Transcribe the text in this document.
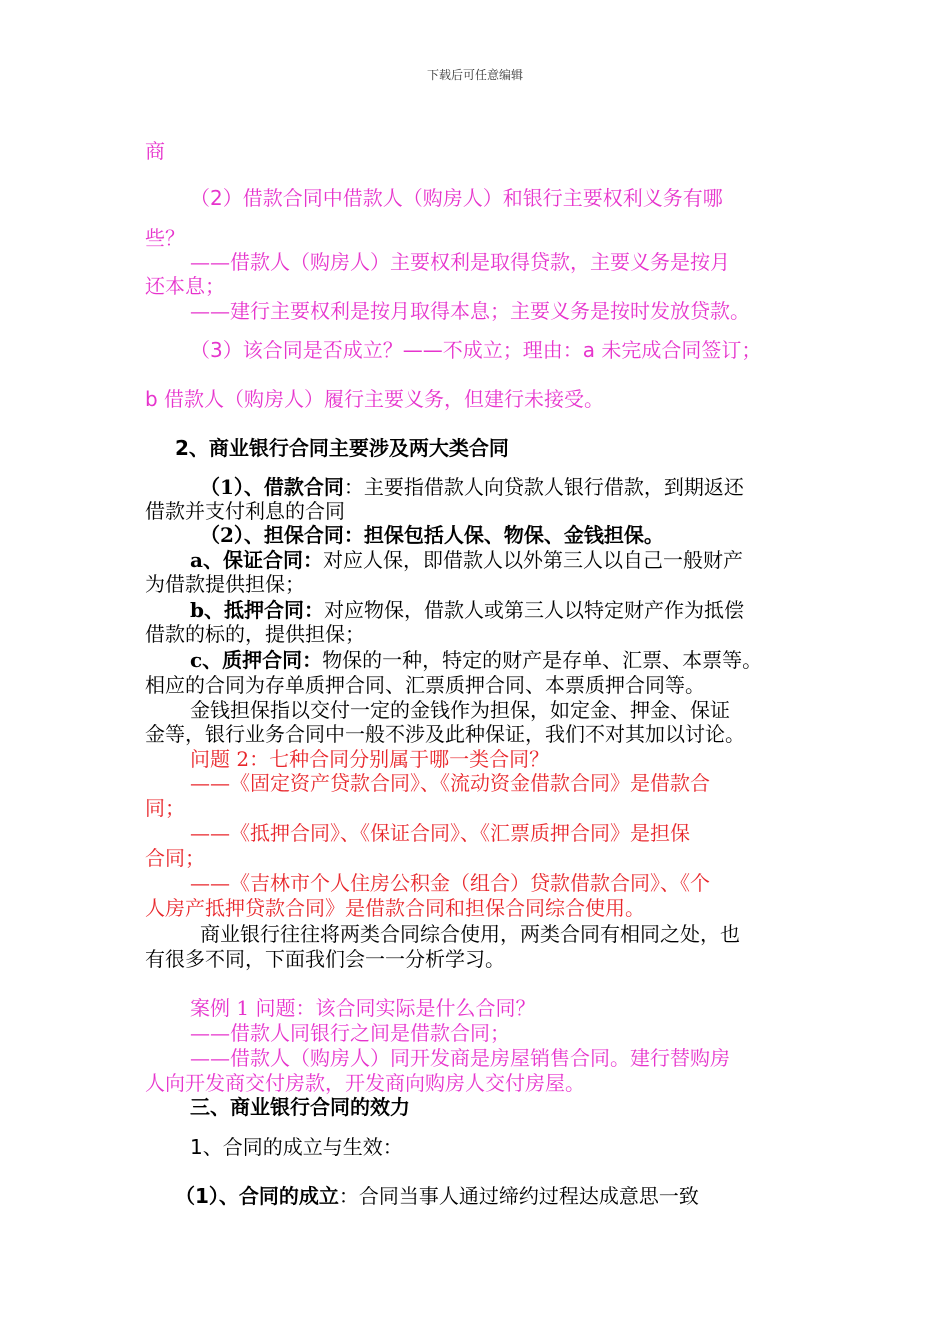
下载后可任意编辑
商
（2）借款合同中借款人（购房人）和银行主要权利义务有哪
些？
——借款人（购房人）主要权利是取得贷款，主要义务是按月
还本息；
——建行主要权利是按月取得本息；主要义务是按时发放贷款。
（3）该合同是否成立？——不成立；理由：a 未完成合同签订；
b 借款人（购房人）履行主要义务，但建行未接受。
2、商业银行合同主要涉及两大类合同
（1）、借款合同：主要指借款人向贷款人银行借款，到期返还
借款并支付利息的合同
（2）、担保合同：担保包括人保、物保、金钱担保。
a、保证合同：对应人保，即借款人以外第三人以自己一般财产
为借款提供担保；
b、抵押合同：对应物保，借款人或第三人以特定财产作为抵偿
借款的标的，提供担保；
c、质押合同：物保的一种，特定的财产是存单、汇票、本票等。
相应的合同为存单质押合同、汇票质押合同、本票质押合同等。
金钱担保指以交付一定的金钱作为担保，如定金、押金、保证
金等，银行业务合同中一般不涉及此种保证，我们不对其加以讨论。
问题 2：七种合同分别属于哪一类合同？
——《固定资产贷款合同》、《流动资金借款合同》是借款合
同；
——《抵押合同》、《保证合同》、《汇票质押合同》是担保
合同；
——《吉林市个人住房公积金（组合）贷款借款合同》、《个
人房产抵押贷款合同》是借款合同和担保合同综合使用。
商业银行往往将两类合同综合使用，两类合同有相同之处，也
有很多不同，下面我们会一一分析学习。
案例 1 问题：该合同实际是什么合同？
——借款人同银行之间是借款合同；
——借款人（购房人）同开发商是房屋销售合同。建行替购房
人向开发商交付房款，开发商向购房人交付房屋。
三、商业银行合同的效力
1、合同的成立与生效：
（1）、合同的成立：合同当事人通过缔约过程达成意思一致
